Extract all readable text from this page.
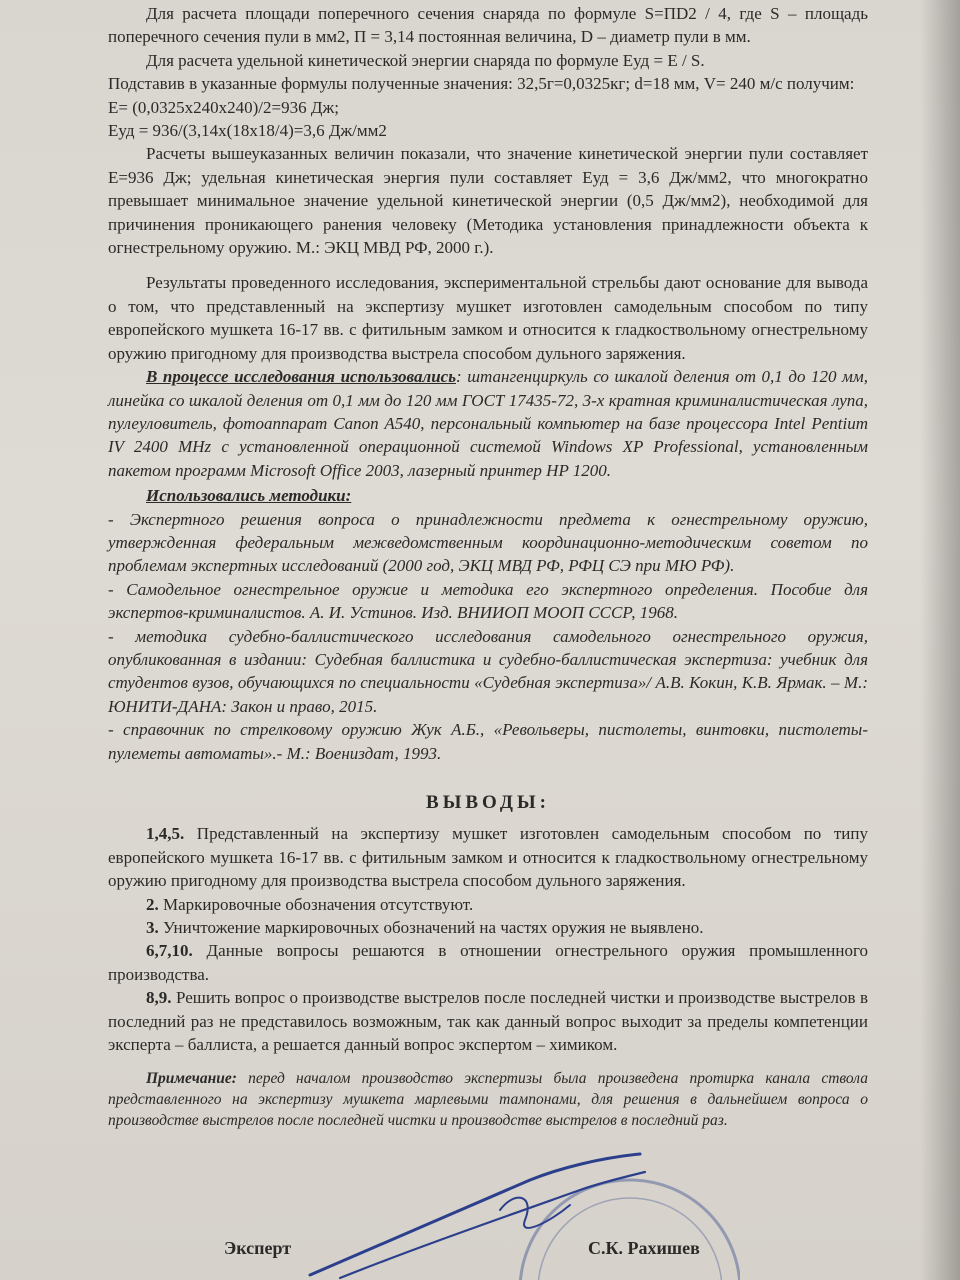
Для расчета площади поперечного сечения снаряда по формуле S=ПD2 / 4, где S – площадь поперечного сечения пули в мм2, П = 3,14 постоянная величина, D – диаметр пули в мм.

Для расчета удельной кинетической энергии снаряда по формуле Еуд = Е / S.

Подставив в указанные формулы полученные значения: 32,5г=0,0325кг; d=18 мм, V= 240 м/с получим:

Е= (0,0325х240х240)/2=936 Дж;

Еуд = 936/(3,14х(18х18/4)=3,6 Дж/мм2

Расчеты вышеуказанных величин показали, что значение кинетической энергии пули составляет Е=936 Дж; удельная кинетическая энергия пули составляет Еуд = 3,6 Дж/мм2, что многократно превышает минимальное значение удельной кинетической энергии (0,5 Дж/мм2), необходимой для причинения проникающего ранения человеку (Методика установления принадлежности объекта к огнестрельному оружию. М.: ЭКЦ МВД РФ, 2000 г.).

Результаты проведенного исследования, экспериментальной стрельбы дают основание для вывода о том, что представленный на экспертизу мушкет изготовлен самодельным способом по типу европейского мушкета 16-17 вв. с фитильным замком и относится к гладкоствольному огнестрельному оружию пригодному для производства выстрела способом дульного заряжения.

В процессе исследования использовались: штангенциркуль со шкалой деления от 0,1 до 120 мм, линейка со шкалой деления от 0,1 мм до 120 мм ГОСТ 17435-72, 3-х кратная криминалистическая лупа, пулеуловитель, фотоаппарат Canon A540, персональный компьютер на базе процессора Intel Pentium IV 2400 MHz с установленной операционной системой Windows XP Professional, установленным пакетом программ Microsoft Office 2003, лазерный принтер HP 1200.

Использовались методики:

- Экспертного решения вопроса о принадлежности предмета к огнестрельному оружию, утвержденная федеральным межведомственным координационно-методическим советом по проблемам экспертных исследований (2000 год, ЭКЦ МВД РФ, РФЦ СЭ при МЮ РФ).

- Самодельное огнестрельное оружие и методика его экспертного определения. Пособие для экспертов-криминалистов. А. И. Устинов. Изд. ВНИИОП МООП СССР, 1968.

- методика судебно-баллистического исследования самодельного огнестрельного оружия, опубликованная в издании: Судебная баллистика и судебно-баллистическая экспертиза: учебник для студентов вузов, обучающихся по специальности «Судебная экспертиза»/ А.В. Кокин, К.В. Ярмак. – М.: ЮНИТИ-ДАНА: Закон и право, 2015.

- справочник по стрелковому оружию Жук А.Б., «Револьверы, пистолеты, винтовки, пистолеты- пулеметы автоматы».- М.: Воениздат, 1993.

ВЫВОДЫ:

1,4,5. Представленный на экспертизу мушкет изготовлен самодельным способом по типу европейского мушкета 16-17 вв. с фитильным замком и относится к гладкоствольному огнестрельному оружию пригодному для производства выстрела способом дульного заряжения.

2. Маркировочные обозначения отсутствуют.

3. Уничтожение маркировочных обозначений на частях оружия не выявлено.

6,7,10. Данные вопросы решаются в отношении огнестрельного оружия промышленного производства.

8,9. Решить вопрос о производстве выстрелов после последней чистки и производстве выстрелов в последний раз не представилось возможным, так как данный вопрос выходит за пределы компетенции эксперта – баллиста, а решается данный вопрос экспертом – химиком.

Примечание: перед началом производство экспертизы была произведена протирка канала ствола представленного на экспертизу мушкета марлевыми тампонами, для решения в дальнейшем вопроса о производстве выстрелов после последней чистки и производстве выстрелов в последний раз.

Эксперт	С.К. Рахишев
